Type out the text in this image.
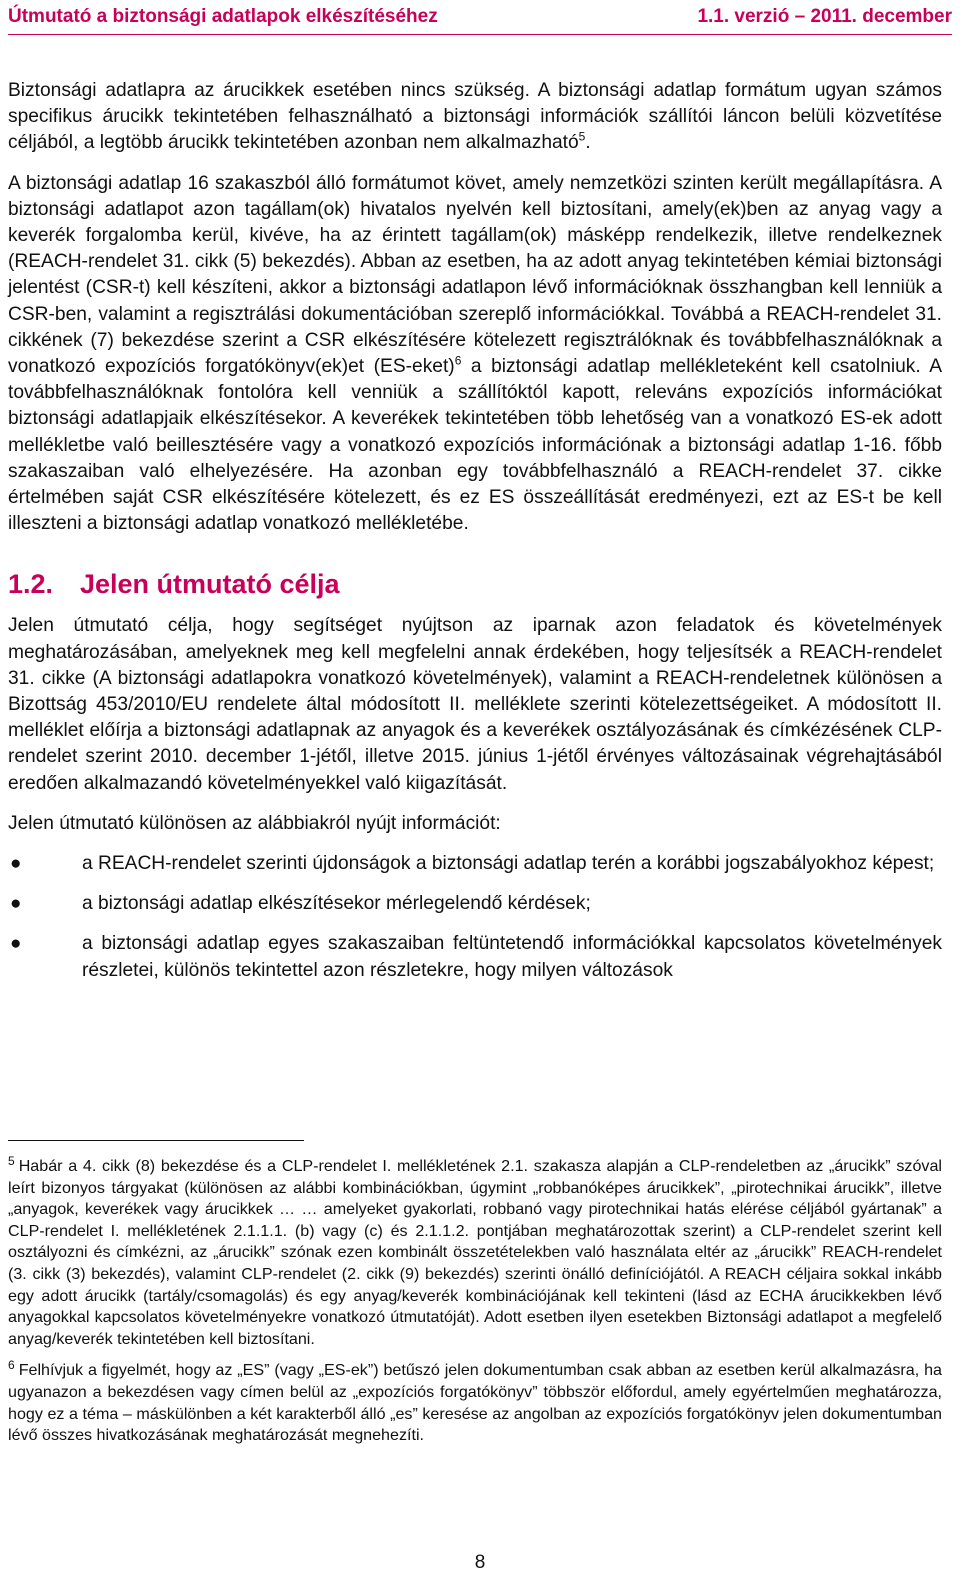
Útmutató a biztonsági adatlapok elkészítéséhez	1.1. verzió – 2011. december

Biztonsági adatlapra az árucikkek esetében nincs szükség. A biztonsági adatlap formátum ugyan számos specifikus árucikk tekintetében felhasználható a biztonsági információk szállítói láncon belüli közvetítése céljából, a legtöbb árucikk tekintetében azonban nem alkalmazható$^5$.

A biztonsági adatlap 16 szakaszból álló formátumot követ, amely nemzetközi szinten került megállapításra. A biztonsági adatlapot azon tagállam(ok) hivatalos nyelvén kell biztosítani, amely(ek)ben az anyag vagy a keverék forgalomba kerül, kivéve, ha az érintett tagállam(ok) másképp rendelkezik, illetve rendelkeznek (REACH-rendelet 31. cikk (5) bekezdés). Abban az esetben, ha az adott anyag tekintetében kémiai biztonsági jelentést (CSR-t) kell készíteni, akkor a biztonsági adatlapon lévő információknak összhangban kell lenniük a CSR-ben, valamint a regisztrálási dokumentációban szereplő információkkal. Továbbá a REACH-rendelet 31. cikkének (7) bekezdése szerint a CSR elkészítésére kötelezett regisztrálóknak és továbbfelhasználóknak a vonatkozó expozíciós forgatókönyv(ek)et (ES-eket)$^6$ a biztonsági adatlap mellékleteként kell csatolniuk. A továbbfelhasználóknak fontolóra kell venniük a szállítóktól kapott, releváns expozíciós információkat biztonsági adatlapjaik elkészítésekor. A keverékek tekintetében több lehetőség van a vonatkozó ES-ek adott mellékletbe való beillesztésére vagy a vonatkozó expozíciós információnak a biztonsági adatlap 1-16. főbb szakaszaiban való elhelyezésére. Ha azonban egy továbbfelhasználó a REACH-rendelet 37. cikke értelmében saját CSR elkészítésére kötelezett, és ez ES összeállítását eredményezi, ezt az ES-t be kell illeszteni a biztonsági adatlap vonatkozó mellékletébe.

1.2. Jelen útmutató célja

Jelen útmutató célja, hogy segítséget nyújtson az iparnak azon feladatok és követelmények meghatározásában, amelyeknek meg kell megfelelni annak érdekében, hogy teljesítsék a REACH-rendelet 31. cikke (A biztonsági adatlapokra vonatkozó követelmények), valamint a REACH-rendeletnek különösen a Bizottság 453/2010/EU rendelete által módosított II. melléklete szerinti kötelezettségeiket. A módosított II. melléklet előírja a biztonsági adatlapnak az anyagok és a keverékek osztályozásának és címkézésének CLP-rendelet szerint 2010. december 1-jétől, illetve 2015. június 1-jétől érvényes változásainak végrehajtásából eredően alkalmazandó követelményekkel való kiigazítását.

Jelen útmutató különösen az alábbiakról nyújt információt:

●	a REACH-rendelet szerinti újdonságok a biztonsági adatlap terén a korábbi jogszabályokhoz képest;

●	a biztonsági adatlap elkészítésekor mérlegelendő kérdések;

●	a biztonsági adatlap egyes szakaszaiban feltüntetendő információkkal kapcsolatos követelmények részletei, különös tekintettel azon részletekre, hogy milyen változások

$^5$ Habár a 4. cikk (8) bekezdése és a CLP-rendelet I. mellékletének 2.1. szakasza alapján a CLP-rendeletben az „árucikk” szóval leírt bizonyos tárgyakat (különösen az alábbi kombinációkban, úgymint „robbanóképes árucikkek”, „pirotechnikai árucikk”, illetve „anyagok, keverékek vagy árucikkek … … amelyeket gyakorlati, robbanó vagy pirotechnikai hatás elérése céljából gyártanak” a CLP-rendelet I. mellékletének 2.1.1.1. (b) vagy (c) és 2.1.1.2. pontjában meghatározottak szerint) a CLP-rendelet szerint kell osztályozni és címkézni, az „árucikk” szónak ezen kombinált összetételekben való használata eltér az „árucikk” REACH-rendelet (3. cikk (3) bekezdés), valamint CLP-rendelet (2. cikk (9) bekezdés) szerinti önálló definíciójától. A REACH céljaira sokkal inkább egy adott árucikk (tartály/csomagolás) és egy anyag/keverék kombinációjának kell tekinteni (lásd az ECHA árucikkekben lévő anyagokkal kapcsolatos követelményekre vonatkozó útmutatóját). Adott esetben ilyen esetekben Biztonsági adatlapot a megfelelő anyag/keverék tekintetében kell biztosítani.

$^6$ Felhívjuk a figyelmét, hogy az „ES” (vagy „ES-ek”) betűszó jelen dokumentumban csak abban az esetben kerül alkalmazásra, ha ugyanazon a bekezdésen vagy címen belül az „expozíciós forgatókönyv” többször előfordul, amely egyértelműen meghatározza, hogy ez a téma – máskülönben a két karakterből álló „es” keresése az angolban az expozíciós forgatókönyv jelen dokumentumban lévő összes hivatkozásának meghatározását megnehezíti.

8
